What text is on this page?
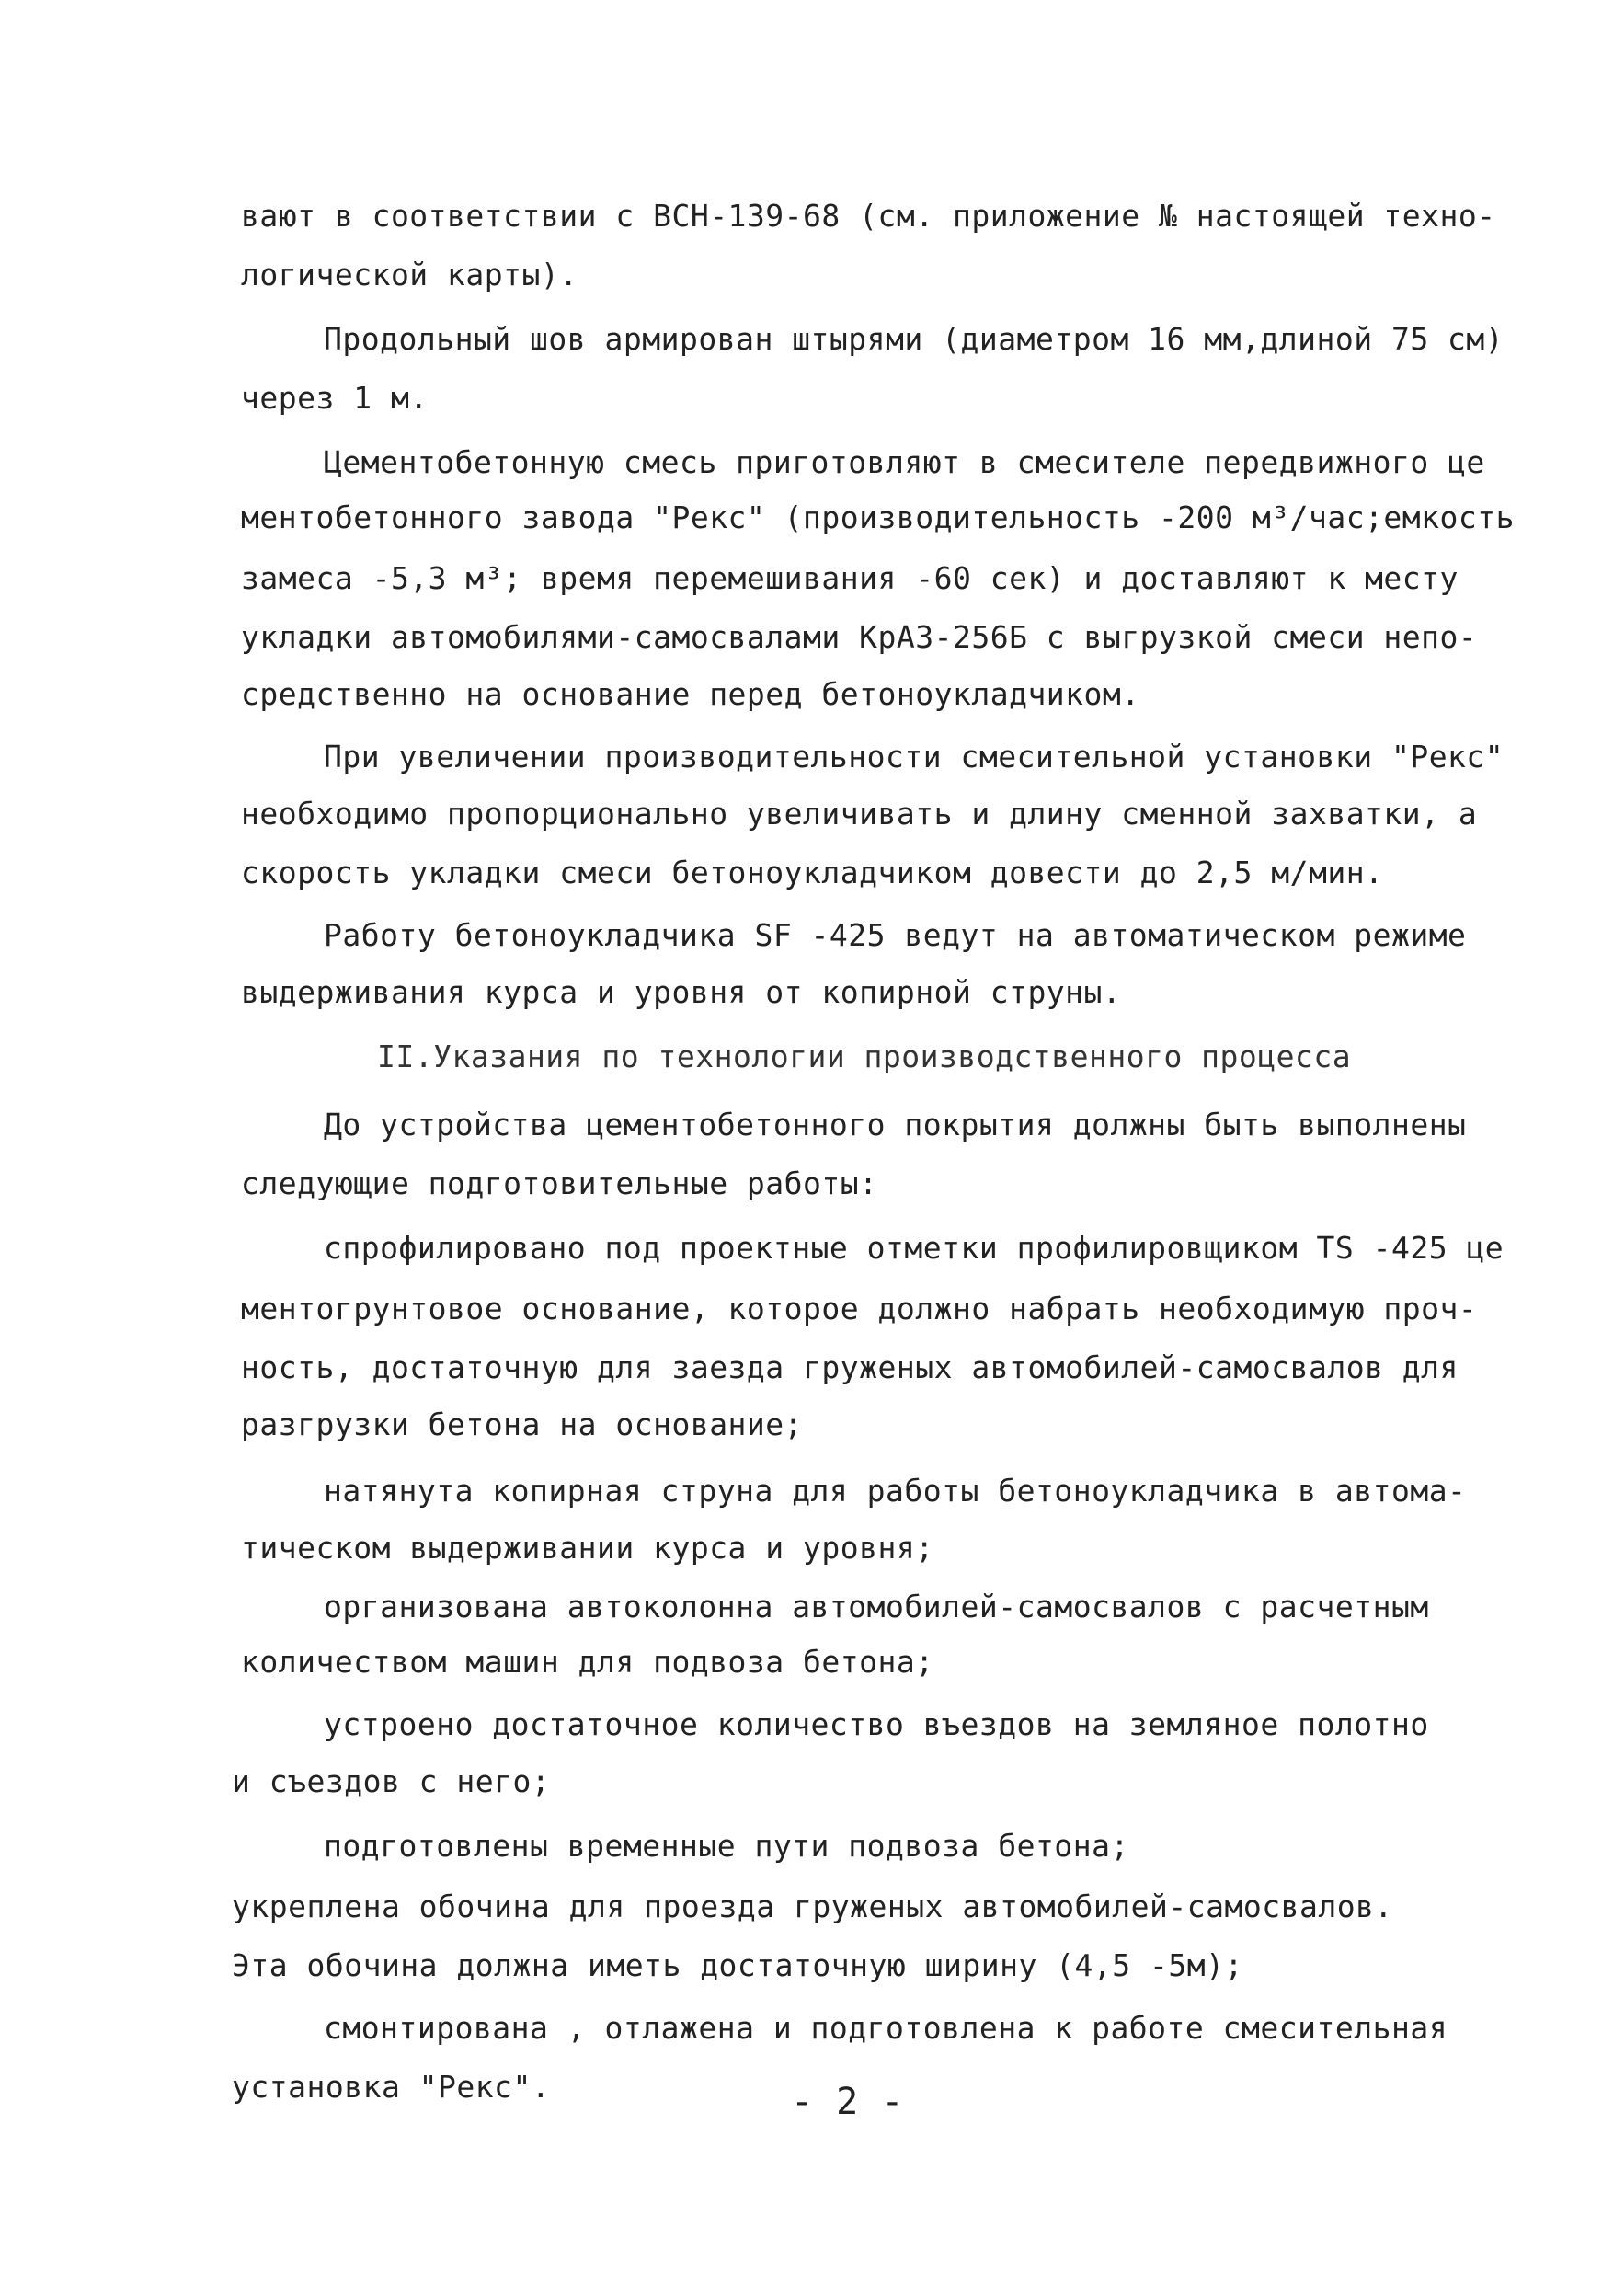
вают в соответствии с ВСН-139-68 (см. приложение № настоящей техно-
логической карты).
Продольный шов армирован штырями (диаметром 16 мм,длиной 75 см)
через 1 м.
Цементобетонную смесь приготовляют в смесителе передвижного це
ментобетонного завода "Рекс" (производительность -200 м³/час;емкость
замеса -5,3 м³; время перемешивания -60 сек) и доставляют к месту
укладки автомобилями-самосвалами КрАЗ-256Б с выгрузкой смеси непо-
средственно на основание перед бетоноукладчиком.
При увеличении производительности смесительной установки "Рекс"
необходимо пропорционально увеличивать и длину сменной захватки, а
скорость укладки смеси бетоноукладчиком довести до 2,5 м/мин.
Работу бетоноукладчика SF -425 ведут на автоматическом режиме
выдерживания курса и уровня от копирной струны.
II.Указания по технологии производственного процесса
До устройства цементобетонного покрытия должны быть выполнены
следующие подготовительные работы:
спрофилировано под проектные отметки профилировщиком TS -425 це
ментогрунтовое основание, которое должно набрать необходимую проч-
ность, достаточную для заезда груженых автомобилей-самосвалов для
разгрузки бетона на основание;
натянута копирная струна для работы бетоноукладчика в автома-
тическом выдерживании курса и уровня;
организована автоколонна автомобилей-самосвалов с расчетным
количеством машин для подвоза бетона;
устроено достаточное количество въездов на земляное полотно
и съездов с него;
подготовлены временные пути подвоза бетона;
укреплена обочина для проезда груженых автомобилей-самосвалов.
Эта обочина должна иметь достаточную ширину (4,5 -5м);
смонтирована , отлажена и подготовлена к работе смесительная
установка "Рекс".	- 2 -
